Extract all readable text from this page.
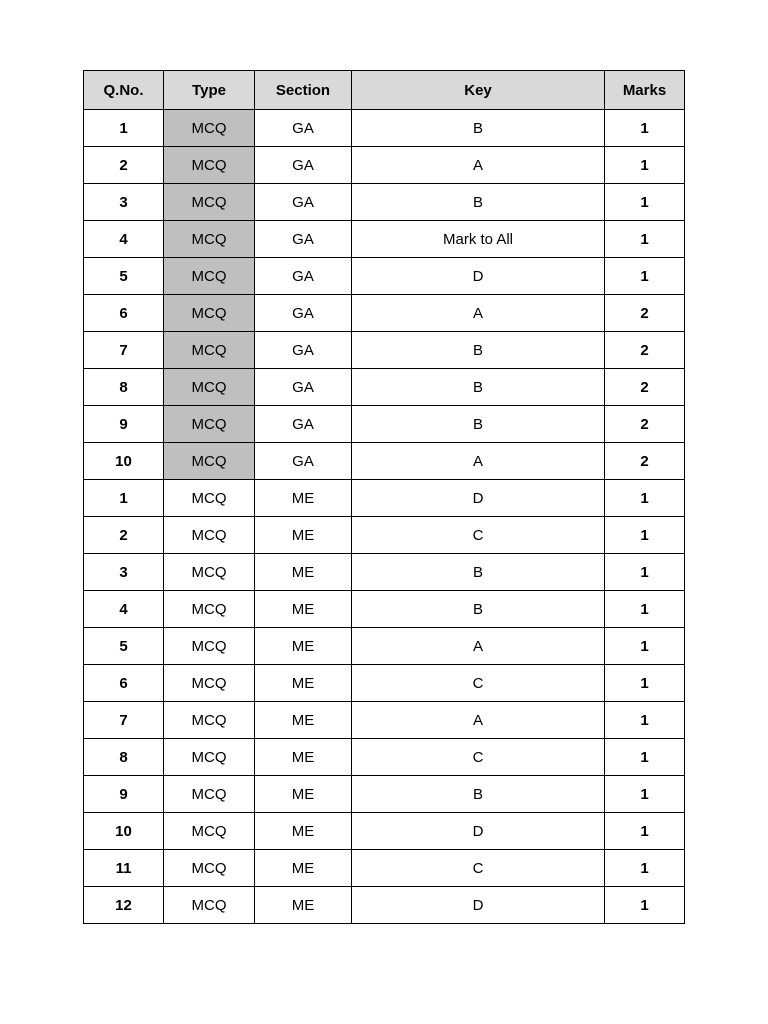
Q.No.	Type	Section	Key	Marks
1	MCQ	GA	B	1
2	MCQ	GA	A	1
3	MCQ	GA	B	1
4	MCQ	GA	Mark to All	1
5	MCQ	GA	D	1
6	MCQ	GA	A	2
7	MCQ	GA	B	2
8	MCQ	GA	B	2
9	MCQ	GA	B	2
10	MCQ	GA	A	2
1	MCQ	ME	D	1
2	MCQ	ME	C	1
3	MCQ	ME	B	1
4	MCQ	ME	B	1
5	MCQ	ME	A	1
6	MCQ	ME	C	1
7	MCQ	ME	A	1
8	MCQ	ME	C	1
9	MCQ	ME	B	1
10	MCQ	ME	D	1
11	MCQ	ME	C	1
12	MCQ	ME	D	1
